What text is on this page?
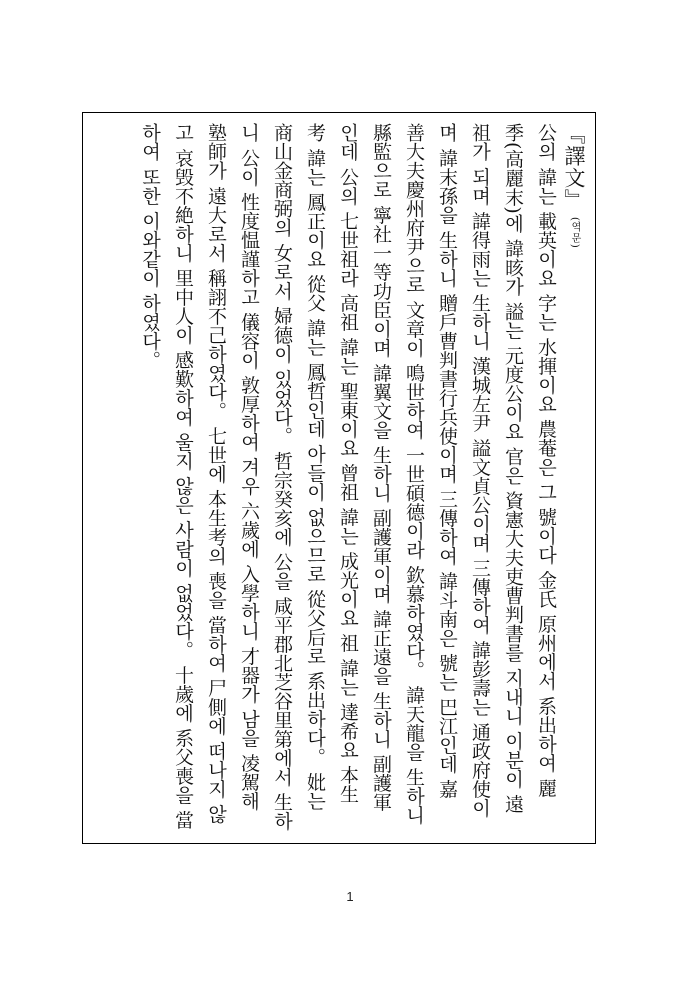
『譯文』(역문)
公의 諱는 載英이요 字는 水揮이요 農菴은 그 號이다 金氏 原州에서 系出하여 麗
季(高麗末)에 諱晐가 謚는 元度公이요 官은 資憲大夫吏曹判書를 지내니 이분이 遠
祖가 되며 諱得雨는 生하니 漢城左尹 謚文貞公이며 三傳하여 諱彭壽는 通政府使이
며 諱末孫을 生하니 贈戶曹判書行兵使이며 三傳하여 諱斗南은 號는 巴江인데 嘉
善大夫慶州府尹으로 文章이 鳴世하여 一世碩德이라 欽慕하였다。 諱天龍을 生하니
縣監으로 寧社一等功臣이며 諱翼文을 生하니 副護軍이며 諱正遠을 生하니 副護軍
인데 公의 七世祖라 高祖 諱는 聖東이요 曾祖 諱는 成光이요 祖 諱는 達希요 本生
考 諱는 鳳正이요 從父 諱는 鳳哲인데 아들이 없으므로 從父后로 系出하다。 妣는
商山金商弼의 女로서 婦德이 있었다。 哲宗癸亥에 公을 咸平郡北芝谷里第에서 生하
니 公이 性度愠謹하고 儀容이 敦厚하여 겨우 六歲에 入學하니 才器가 남을 凌駕해
塾師가 遠大로서 稱詡不己하였다。 七世에 本生考의 喪을 當하여 尸側에 떠나지 않
고 哀毁不絶하니 里中人이 感歎하여 울지 않은 사람이 없었다。 十歲에 系父喪을 當
하여 또한 이와같이 하였다。
1
